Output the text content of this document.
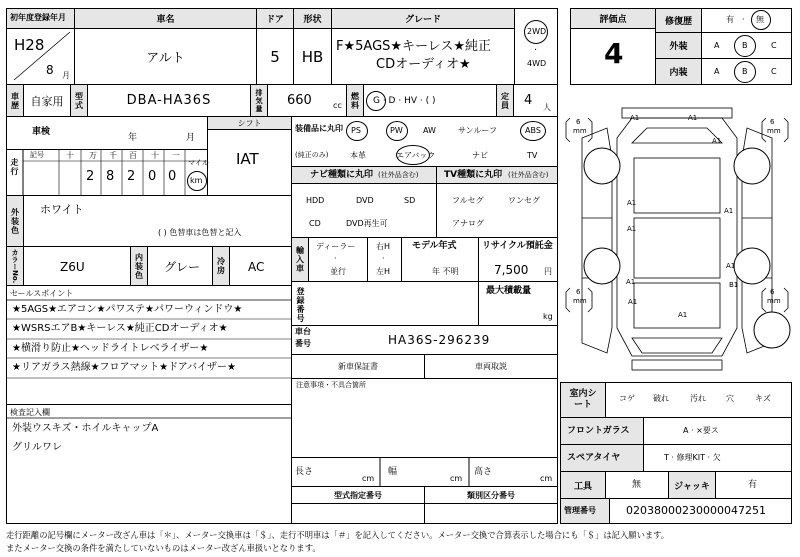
初年度登録年月
H28
8 月
車名
アルト
ドア
5
形状
HB
グレード
F★5AGS★キーレス★純正
CDオーディオ★
2WD
·
4WD
車歴 自家用 型式	DBA-HA36S	排気量 660	cc 燃料 G · D · HV · ( )	定員 4 人
車検
年	月
シフト
IAT
走行
記号	十 万 千 百 十 一
2 8 2 0 0
マイル
km
外装色 ホワイト
( ) 色替車は色替と記入
カラーNo.	Z6U	内装色 グレー 冷房 AC
セールスポイント
★5AGS★エアコン★パワステ★パワーウィンドウ★
★WSRSエアB★キーレス★純正CDオーディオ★
★横滑り防止★ヘッドライトレベライザー★
★リアガラス熱線★フロアマット★ドアバイザー★
検査記入欄
外装ウスキズ・ホイルキャップA
グリルワレ
装備品に丸印
(純正のみ)
PS	PW	AW	サンルーフ	ABS
本革	エアバック	ナビ	TV
ナビ種類に丸印 (社外品含む)
HDD	DVD	SD
CD	DVD再生可
TV種類に丸印 (社外品含む)
フルセグ	ワンセグ
アナログ
輸入車 ディーラー
·
並行
右H
·
左H
モデル年式
年 不明
リサイクル預託金
7,500 円
登録番号	最大積載量
kg
車台
番号	HA36S-296239
新車保証書	車両取説
注意事項・不具合箇所
長さ
cm
幅
cm
高さ
cm
型式指定番号	類別区分番号
評価点
4
修復歴	有 · 無
外装	A	B	C
内装	A	B	C
6
mm
6
mm
6
mm
6
mm
A1	A1
A1
A1
A1
A1
A1
A1
B1
A1
A1
室内シート
コゲ 破れ	汚れ	穴	キズ
フロントガラス	A · ×要ス
スペアタイヤ	T · 修理KIT · 欠
工具	無	ジャッキ	有
管理番号	02038000230000047251
走行距離の記号欄にメーター改ざん車は「＊」、メーター交換車は「＄」、走行不明車は「＃」を記入してください。メーター交換で合算表示した場合にも「＄」は記入願います。
またメーター交換の条件を満たしていないものはメーター改ざん車扱いとなります。
